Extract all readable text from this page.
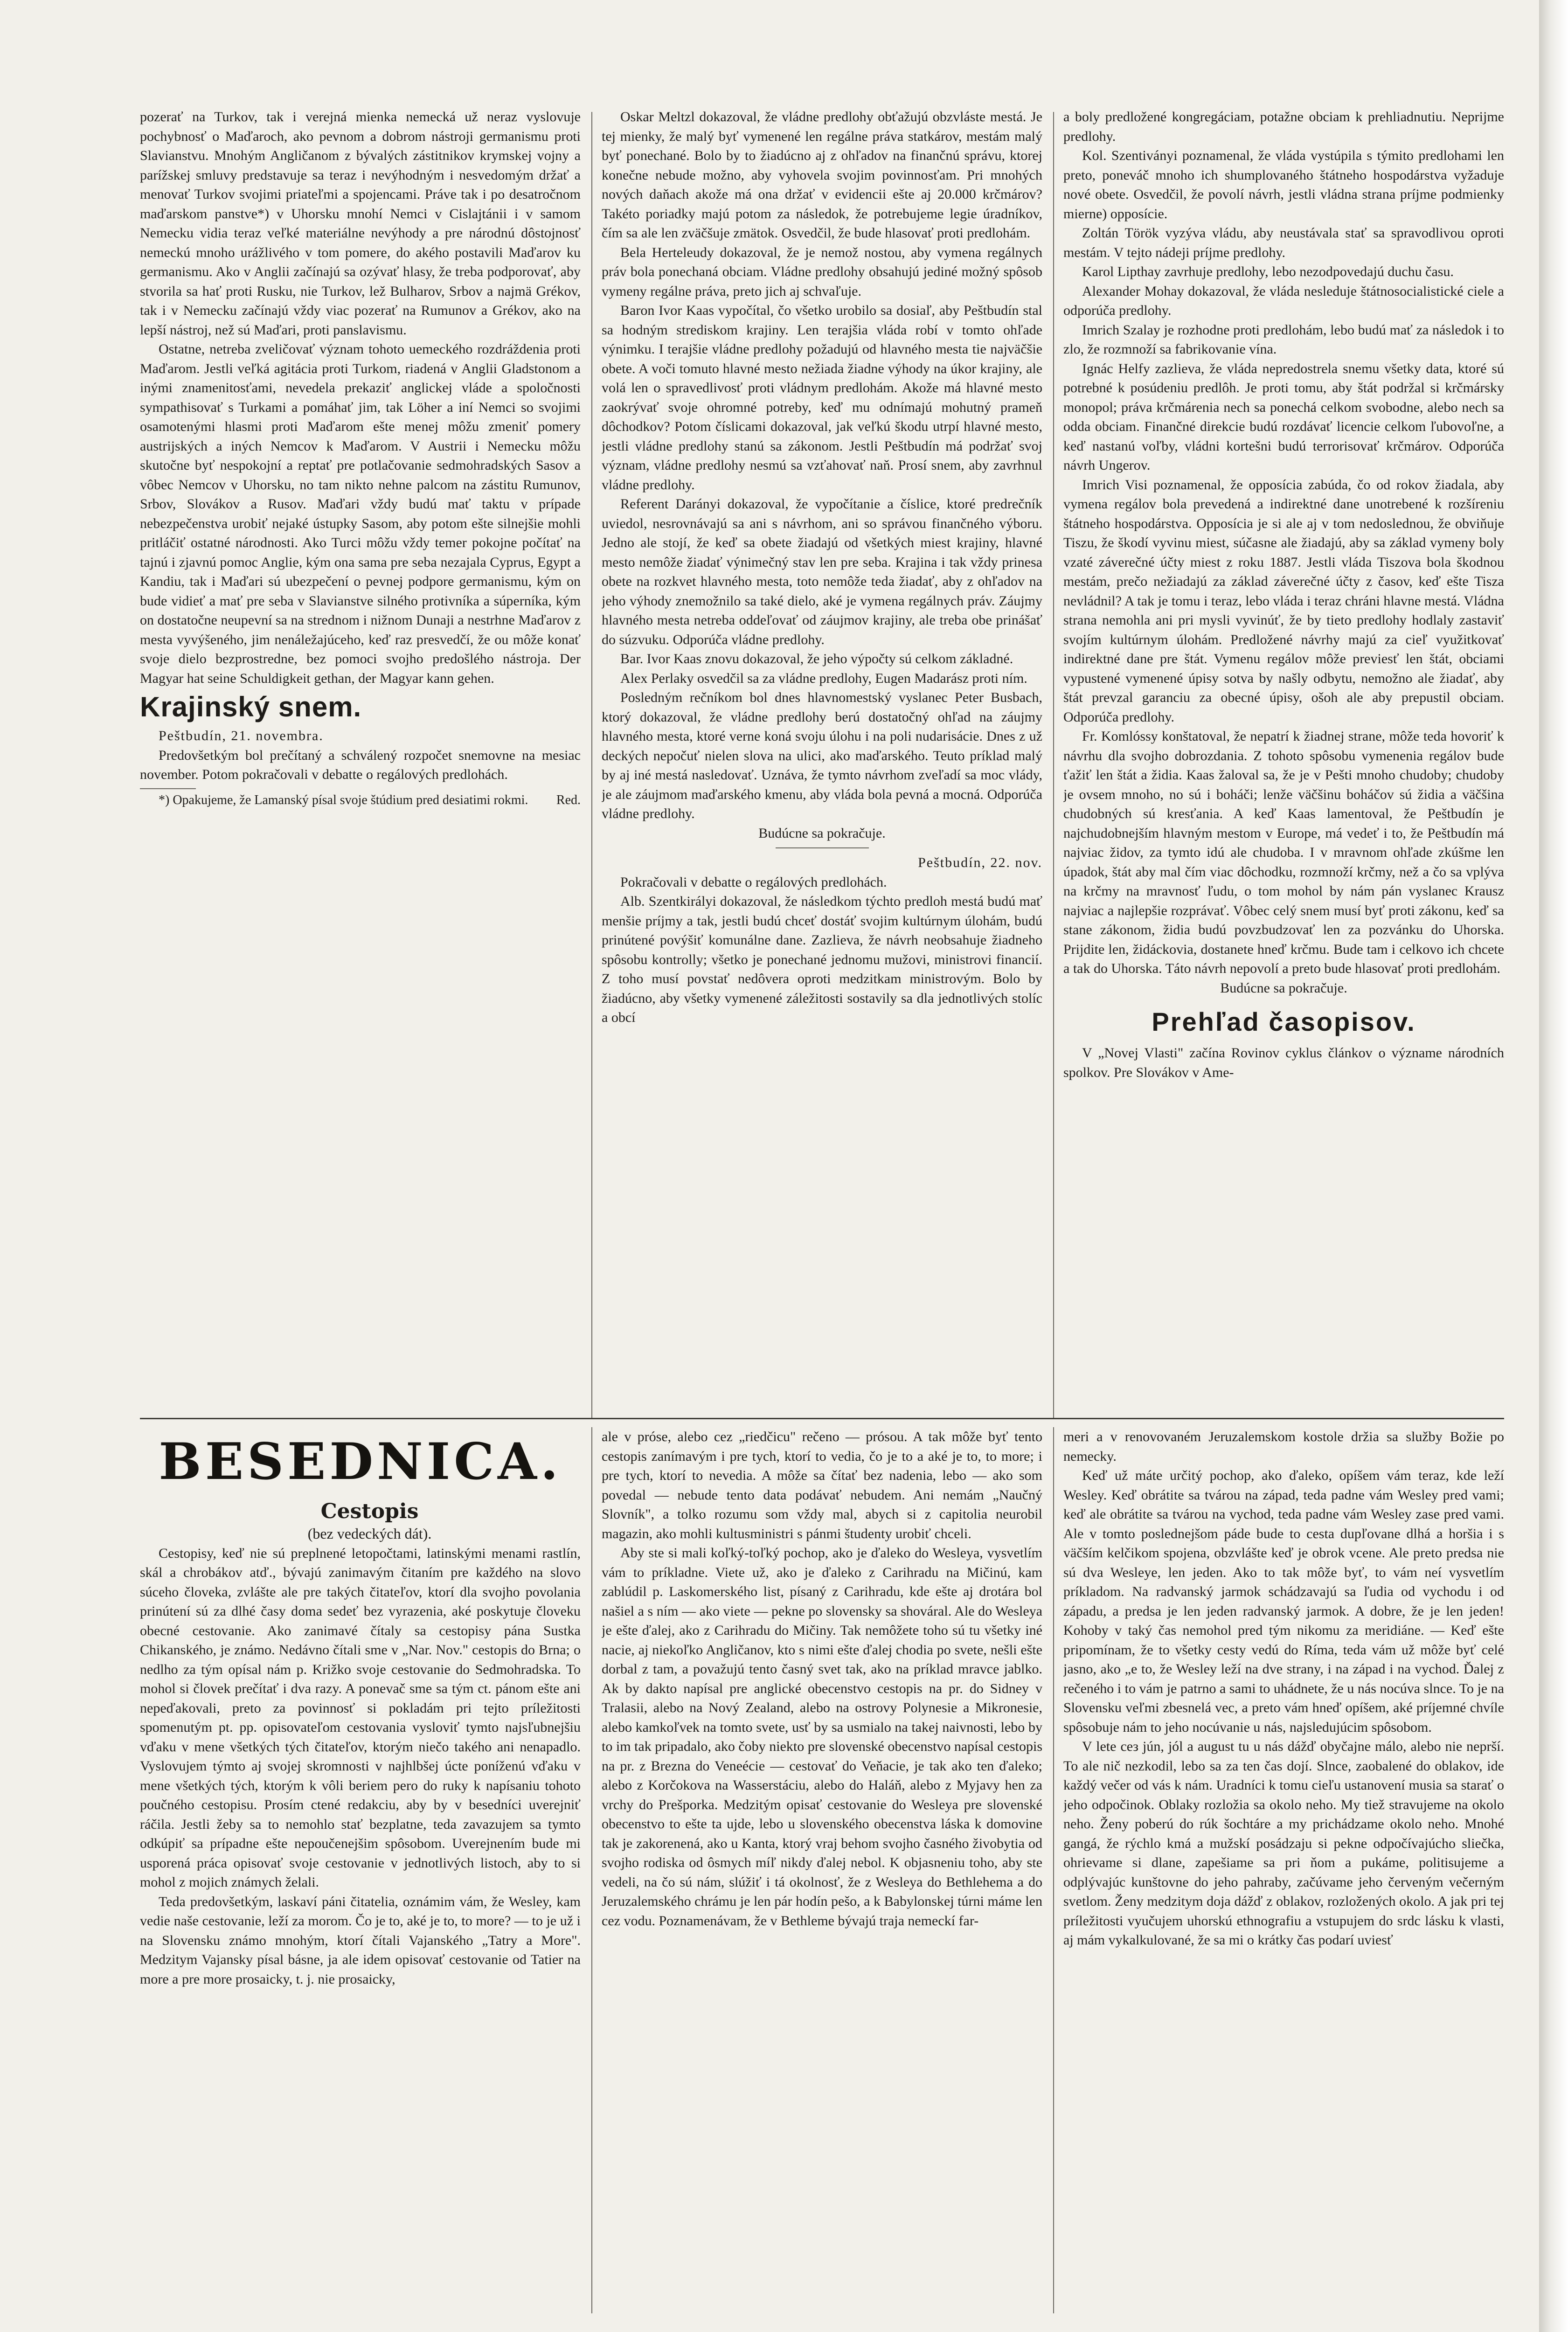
pozerať na Turkov, tak i verejná mienka nemecká už neraz vyslovuje pochybnosť o Maďaroch, ako pevnom a dobrom nástroji germanismu proti Slavianstvu. Mnohým Angličanom z bývalých zástitnikov krymskej vojny a parížskej smluvy predstavuje sa teraz i nevýhodným i nesvedomým držať a menovať Turkov svojimi priateľmi a spojencami. Práve tak i po desatročnom maďarskom panstve*) v Uhorsku mnohí Nemci v Cislajtánii i v samom Nemecku vidia teraz veľké materiálne nevýhody a pre národnú dôstojnosť nemeckú mnoho urážlivého v tom pomere, do akého postavili Maďarov ku germanismu. Ako v Anglii začínajú sa ozývať hlasy, že treba podporovať, aby stvorila sa hať proti Rusku, nie Turkov, lež Bulharov, Srbov a najmä Grékov, tak i v Nemecku začínajú vždy viac pozerať na Rumunov a Grékov, ako na lepší nástroj, než sú Maďari, proti panslavismu.

Ostatne, netreba zveličovať význam tohoto uemeckého rozdráždenia proti Maďarom. Jestli veľká agitácia proti Turkom, riadená v Anglii Gladstonom a inými znamenitosťami, nevedela prekaziť anglickej vláde a spoločnosti sympathisovať s Turkami a pomáhať jim, tak Löher a iní Nemci so svojimi osamotenými hlasmi proti Maďarom ešte menej môžu zmeniť pomery austrijských a iných Nemcov k Maďarom. V Austrii i Nemecku môžu skutočne byť nespokojní a reptať pre potlačovanie sedmohradských Sasov a vôbec Nemcov v Uhorsku, no tam nikto nehne palcom na zástitu Rumunov, Srbov, Slovákov a Rusov. Maďari vždy budú mať taktu v prípade nebezpečenstva urobiť nejaké ústupky Sasom, aby potom ešte silnejšie mohli pritláčiť ostatné národnosti. Ako Turci môžu vždy temer pokojne počítať na tajnú i zjavnú pomoc Anglie, kým ona sama pre seba nezajala Cyprus, Egypt a Kandiu, tak i Maďari sú ubezpečení o pevnej podpore germanismu, kým on bude vidieť a mať pre seba v Slavianstve silného protivníka a súperníka, kým on dostatočne neupevní sa na strednom i nižnom Dunaji a nestrhne Maďarov z mesta vyvýšeného, jim nenáležajúceho, keď raz presvedčí, že ou môže konať svoje dielo bezprostredne, bez pomoci svojho predošlého nástroja. Der Magyar hat seine Schuldigkeit gethan, der Magyar kann gehen.

Krajinský snem.

Peštbudín, 21. novembra.

Predovšetkým bol prečítaný a schválený rozpočet snemovne na mesiac november. Potom pokračovali v debatte o regálových predlohách.

*) Opakujeme, že Lamanský písal svoje štúdium pred desiatimi rokmi.	Red.

Oskar Meltzl dokazoval, že vládne predlohy obťažujú obzvláste mestá. Je tej mienky, že malý byť vymenené len regálne práva statkárov, mestám malý byť ponechané. Bolo by to žiadúcno aj z ohľadov na finančnú správu, ktorej konečne nebude možno, aby vyhovela svojim povinnosťam. Pri mnohých nových daňach akože má ona držať v evidencii ešte aj 20.000 krčmárov? Takéto poriadky majú potom za následok, že potrebujeme legie úradníkov, čím sa ale len zväčšuje zmätok. Osvedčil, že bude hlasovať proti predlohám.

Bela Herteleudy dokazoval, že je nemož nostou, aby vymena regálnych práv bola ponechaná obciam. Vládne predlohy obsahujú jediné možný spôsob vymeny regálne práva, preto jich aj schvaľuje.

Baron Ivor Kaas vypočítal, čo všetko urobilo sa dosiaľ, aby Peštbudín stal sa hodným strediskom krajiny. Len terajšia vláda robí v tomto ohľade výnimku. I terajšie vládne predlohy požadujú od hlavného mesta tie najväčšie obete. A voči tomuto hlavné mesto nežiada žiadne výhody na úkor krajiny, ale volá len o spravedlivosť proti vládnym predlohám. Akože má hlavné mesto zaokrývať svoje ohromné potreby, keď mu odnímajú mohutný prameň dôchodkov? Potom číslicami dokazoval, jak veľkú škodu utrpí hlavné mesto, jestli vládne predlohy stanú sa zákonom. Jestli Peštbudín má podržať svoj význam, vládne predlohy nesmú sa vzťahovať naň. Prosí snem, aby zavrhnul vládne predlohy.

Referent Darányi dokazoval, že vypočítanie a číslice, ktoré predrečník uviedol, nesrovnávajú sa ani s návrhom, ani so správou finančného výboru. Jedno ale stojí, že keď sa obete žiadajú od všetkých miest krajiny, hlavné mesto nemôže žiadať výnimečný stav len pre seba. Krajina i tak vždy prinesa obete na rozkvet hlavného mesta, toto nemôže teda žiadať, aby z ohľadov na jeho výhody znemožnilo sa také dielo, aké je vymena regálnych práv. Záujmy hlavného mesta netreba oddeľovať od záujmov krajiny, ale treba obe prinášať do súzvuku. Odporúča vládne predlohy.

Bar. Ivor Kaas znovu dokazoval, že jeho výpočty sú celkom základné.

Alex Perlaky osvedčil sa za vládne predlohy, Eugen Madarász proti ním.

Posledným rečníkom bol dnes hlavnomestský vyslanec Peter Busbach, ktorý dokazoval, že vládne predlohy berú dostatočný ohľad na záujmy hlavného mesta, ktoré verne koná svoju úlohu i na poli nudarisácie. Dnes z už deckých nepočuť nielen slova na ulici, ako maďarského. Teuto príklad malý by aj iné mestá nasledovať. Uznáva, že tymto návrhom zveľadí sa moc vlády, je ale záujmom maďarského kmenu, aby vláda bola pevná a mocná. Odporúča vládne predlohy.

Budúcne sa pokračuje.

Peštbudín, 22. nov.

Pokračovali v debatte o regálových predlohách.

Alb. Szentkirályi dokazoval, že následkom týchto predloh mestá budú mať menšie príjmy a tak, jestli budú chceť dostáť svojim kultúrnym úlohám, budú prinútené povýšiť komunálne dane. Zazlieva, že návrh neobsahuje žiadneho spôsobu kontrolly; všetko je ponechané jednomu mužovi, ministrovi financií. Z toho musí povstať nedôvera oproti medzitkam ministrovým. Bolo by žiadúcno, aby všetky vymenené záležitosti sostavily sa dla jednotlivých stolíc a obcí

a boly predložené kongregáciam, potažne obciam k prehliadnutiu. Neprijme predlohy.

Kol. Szentiványi poznamenal, že vláda vystúpila s týmito predlohami len preto, poneváč mnoho ich shumplovaného štátneho hospodárstva vyžaduje nové obete. Osvedčil, že povolí návrh, jestli vládna strana príjme podmienky mierne) opposície.

Zoltán Török vyzýva vládu, aby neustávala stať sa spravodlivou oproti mestám. V tejto nádeji príjme predlohy.

Karol Lipthay zavrhuje predlohy, lebo nezodpovedajú duchu času.

Alexander Mohay dokazoval, že vláda nesleduje štátnosocialistické ciele a odporúča predlohy.

Imrich Szalay je rozhodne proti predlohám, lebo budú mať za následok i to zlo, že rozmnoží sa fabrikovanie vína.

Ignác Helfy zazlieva, že vláda nepredostrela snemu všetky data, ktoré sú potrebné k posúdeniu predlôh. Je proti tomu, aby štát podržal si krčmársky monopol; práva krčmárenia nech sa ponechá celkom svobodne, alebo nech sa odda obciam. Finančné direkcie budú rozdávať licencie celkom ľubovoľne, a keď nastanú voľby, vládni kortešni budú terrorisovať krčmárov. Odporúča návrh Ungerov.

Imrich Visi poznamenal, že opposícia zabúda, čo od rokov žiadala, aby vymena regálov bola prevedená a indirektné dane unotrebené k rozšíreniu štátneho hospodárstva. Opposícia je si ale aj v tom nedoslednou, že obviňuje Tiszu, že škodí vyvinu miest, súčasne ale žiadajú, aby sa základ vymeny boly vzaté záverečné účty miest z roku 1887. Jestli vláda Tiszova bola škodnou mestám, prečo nežiadajú za základ záverečné účty z časov, keď ešte Tisza nevládnil? A tak je tomu i teraz, lebo vláda i teraz chráni hlavne mestá. Vládna strana nemohla ani pri mysli vyvinúť, že by tieto predlohy hodlaly zastaviť svojím kultúrnym úlohám. Predložené návrhy majú za cieľ využitkovať indirektné dane pre štát. Vymenu regálov môže previesť len štát, obciami vypustené vymenené úpisy sotva by našly odbytu, nemožno ale žiadať, aby štát prevzal garanciu za obecné úpisy, ošoh ale aby prepustil obciam. Odporúča predlohy.

Fr. Komlóssy konštatoval, že nepatrí k žiadnej strane, môže teda hovoriť k návrhu dla svojho dobrozdania. Z tohoto spôsobu vymenenia regálov bude ťažiť len štát a židia. Kaas žaloval sa, že je v Pešti mnoho chudoby; chudoby je ovsem mnoho, no sú i boháči; lenže väčšinu boháčov sú židia a väčšina chudobných sú kresťania. A keď Kaas lamentoval, že Peštbudín je najchudobnejším hlavným mestom v Europe, má vedeť i to, že Peštbudín má najviac židov, za tymto idú ale chudoba. I v mravnom ohľade zkúšme len úpadok, štát aby mal čím viac dôchodku, rozmnoží krčmy, než a čo sa vplýva na krčmy na mravnosť ľudu, o tom mohol by nám pán vyslanec Krausz najviac a najlepšie rozprávať. Vôbec celý snem musí byť proti zákonu, keď sa stane zákonom, židia budú povzbudzovať len za pozvánku do Uhorska. Prijdite len, židáckovia, dostanete hneď krčmu. Bude tam i celkovo ich chcete a tak do Uhorska. Táto návrh nepovolí a preto bude hlasovať proti predlohám.

Budúcne sa pokračuje.

Prehľad časopisov.

V „Novej Vlasti" začína Rovinov cyklus článkov o význame národních spolkov. Pre Slovákov v Ame-

BESEDNICA.

Cestopis

(bez vedeckých dát).

Cestopisy, keď nie sú preplnené letopočtami, latinskými menami rastlín, skál a chrobákov atď., bývajú zanimavým čitaním pre každého na slovo súceho človeka, zvlášte ale pre takých čitateľov, ktorí dla svojho povolania prinútení sú za dlhé časy doma sedeť bez vyrazenia, aké poskytuje človeku obecné cestovanie. Ako zanimavé čítaly sa cestopisy pána Sustka Chikanského, je známo. Nedávno čítali sme v „Nar. Nov." cestopis do Brna; o nedlho za tým opísal nám p. Križko svoje cestovanie do Sedmohradska. To mohol si človek prečítať i dva razy. A ponevač sme sa tým ct. pánom ešte ani nepeďakovali, preto za povinnosť si pokladám pri tejto príležitosti spomenutým pt. pp. opisovateľom cestovania vysloviť tymto najsľubnejšiu vďaku v mene všetkých tých čitateľov, ktorým niečo takého ani nenapadlo. Vyslovujem týmto aj svojej skromnosti v najhlbšej úcte poníženú vďaku v mene všetkých tých, ktorým k vôli beriem pero do ruky k napísaniu tohoto poučného cestopisu. Prosím ctené redakciu, aby by v besedníci uverejniť ráčila. Jestli žeby sa to nemohlo stať bezplatne, teda zavazujem sa tymto odkúpiť sa prípadne ešte nepoučenejšim spôsobom. Uverejnením bude mi usporená práca opisovať svoje cestovanie v jednotlivých listoch, aby to si mohol z mojich známych želali.

Teda predovšetkým, laskaví páni čitatelia, oznámim vám, že Wesley, kam vedie naše cestovanie, leží za morom. Čo je to, aké je to, to more? — to je už i na Slovensku známo mnohým, ktorí čítali Vajanského „Tatry a More". Medzitym Vajansky písal básne, ja ale idem opisovať cestovanie od Tatier na more a pre more prosaicky, t. j. nie prosaicky,

ale v próse, alebo cez „riedčicu" rečeno — prósou. A tak môže byť tento cestopis zanímavým i pre tych, ktorí to vedia, čo je to a aké je to, to more; i pre tych, ktorí to nevedia. A môže sa čítať bez nadenia, lebo — ako som povedal — nebude tento data podávať nebudem. Ani nemám „Naučný Slovník", a tolko rozumu som vždy mal, abych si z capitolia neurobil magazin, ako mohli kultusministri s pánmi študenty urobiť chceli.

Aby ste si mali koľký-toľký pochop, ako je ďaleko do Wesleya, vysvetlím vám to príkladne. Viete už, ako je ďaleko z Carihradu na Mičinú, kam zablúdil p. Laskomerského list, písaný z Carihradu, kde ešte aj drotára bol našiel a s ním — ako viete — pekne po slovensky sa shováral. Ale do Wesleya je ešte ďalej, ako z Carihradu do Mičiny. Tak nemôžete toho sú tu všetky iné nacie, aj niekoľko Angličanov, kto s nimi ešte ďalej chodia po svete, nešli ešte dorbal z tam, a považujú tento časný svet tak, ako na príklad mravce jablko. Ak by dakto napísal pre anglické obecenstvo cestopis na pr. do Sidney v Tralasii, alebo na Nový Zealand, alebo na ostrovy Polynesie a Mikronesie, alebo kamkoľvek na tomto svete, usť by sa usmialo na takej naivnosti, lebo by to im tak pripadalo, ako čoby niekto pre slovenské obecenstvo napísal cestopis na pr. z Brezna do Veneécie — cestovať do Veňacie, je tak ako ten ďaleko; alebo z Korčokova na Wasserstáciu, alebo do Haláň, alebo z Myjavy hen za vrchy do Prešporkа. Medzitým opisať cestovanie do Wesleya pre slovenské obecenstvo to ešte ta ujde, lebo u slovenského obecenstva láska k domovine tak je zakorenená, ako u Kanta, ktorý vraj behom svojho časného živobytia od svojho rodiska od ôsmych míľ nikdy ďalej nebol. K objasneniu toho, aby ste vedeli, na čo sú nám, slúžiť i tá okolnosť, že z Wesleya do Bethlehema a do Jeruzalemského chrámu je len pár hodín pešo, a k Babylonskej túrni máme len cez vodu. Poznamenávam, že v Bethleme bývajú traja nemeckí far-

meri a v renovovaném Jeruzalemskom kostole držia sa služby Božie po nemecky.

Keď už máte určitý pochop, ako ďaleko, opíšem vám teraz, kde leží Wesley. Keď obrátite sa tvárou na západ, teda padne vám Wesley pred vami; keď ale obrátite sa tvárou na vychod, teda padne vám Wesley zase pred vami. Ale v tomto poslednejšom páde bude to cesta dupľovane dlhá a horšia i s väčším kelčikom spojena, obzvlášte keď je obrok vcene. Ale preto predsa nie sú dva Wesleye, len jeden. Ako to tak môže byť, to vám neí vysvetlím príkladom. Na radvanský jarmok schádzavajú sa ľudia od vychodu i od západu, a predsa je len jeden radvanský jarmok. A dobre, že je len jeden! Kohoby v taký čas nemohol pred tým nikomu za meridiáne. — Keď ešte pripomínam, že to všetky cesty vedú do Ríma, teda vám už môže byť celé jasno, ako „e to, že Wesley leží na dve strany, i na západ i na vychod. Ďalej z rečeného i to vám je patrno a sami to uhádnete, že u nás nocúva slnce. To je na Slovensku veľmi zbesnelá vec, a preto vám hneď opíšem, aké príjemné chvíle spôsobuje nám to jeho nocúvanie u nás, najsledujúcim spôsobom.

V lete ceз jún, jól a august tu u nás dážď obyčajne málo, alebo nie neprší. To ale nič nezkodil, lebo sa za ten čas dojí. Slnce, zaobalené do oblakov, ide každý večer od vás k nám. Uradníci k tomu cieľu ustanovení musia sa starať o jeho odpočinok. Oblaky rozložia sa okolo neho. My tiež stravujeme na okolo neho. Ženy poberú do rúk šochtáre a my prichádzame okolo neho. Mnohé gangá, že rýchlo kmá a mužskí posádzaju si pekne odpočívajúcho sliečka, ohrievame si dlane, zapešiame sa pri ňom a pukáme, politisujeme a odplývajúc kunštovne do jeho pahraby, začúvame jeho červeným večerným svetlom. Ženy medzitym doja dážď z oblakov, rozložených okolo. A jak pri tej príležitosti vyučujem uhorskú ethnografiu a vstupujem do srdc lásku k vlasti, aj mám vykalkulované, že sa mi o krátky čas podarí uviesť
